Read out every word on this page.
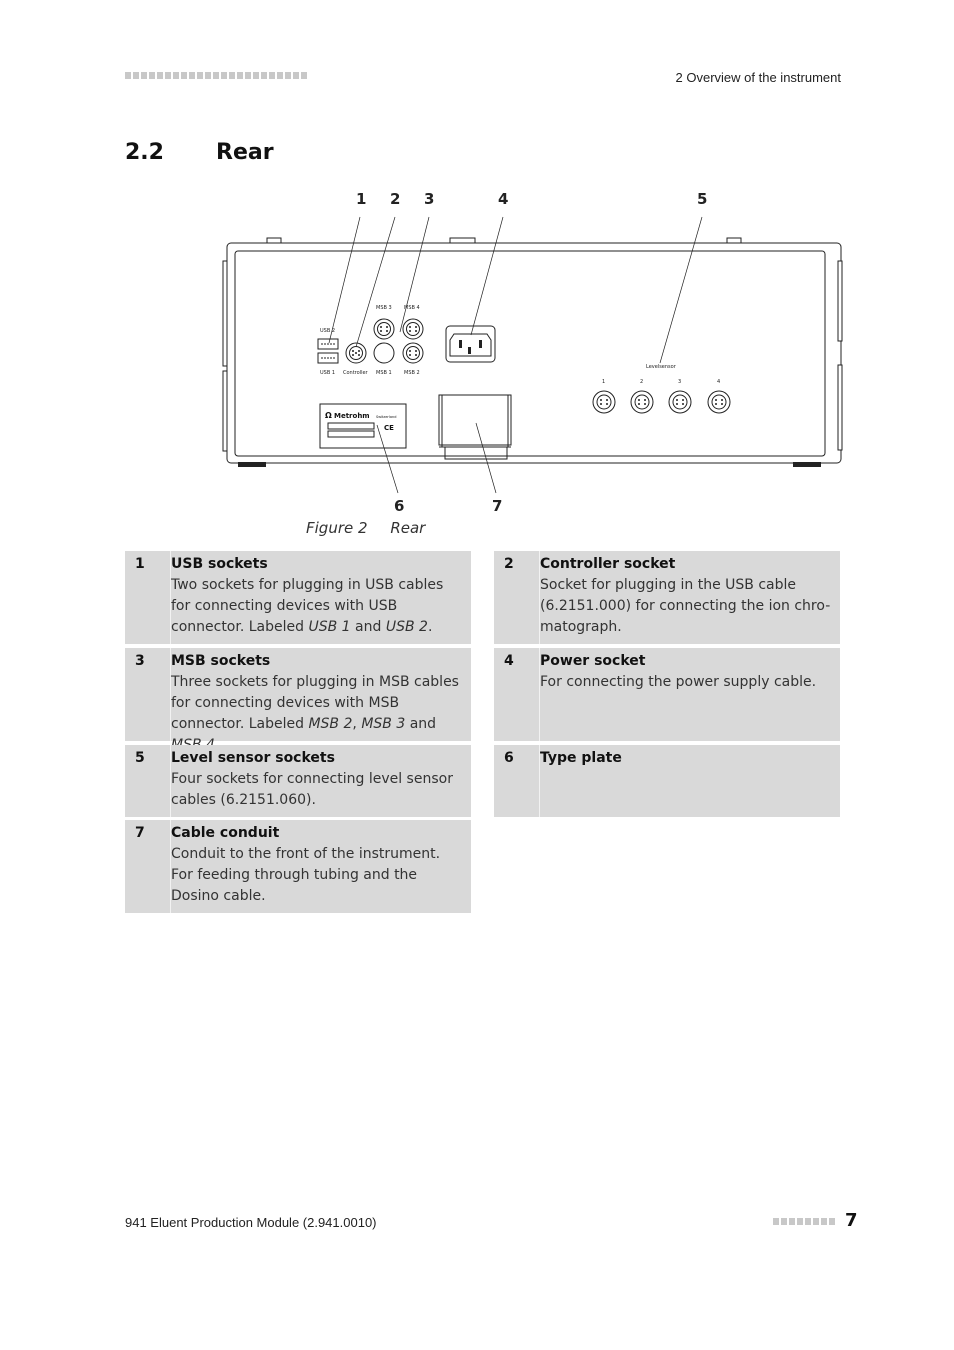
2 Overview of the instrument
2.2	Rear
USB 2
USB 1 Controller MSB 1 MSB 2
MSB 3 MSB 4
Levelsensor
1	2	3	4
Ω Metrohm Switzerland
CE
1 2 3	4	5
6	7
Figure 2 Rear
1	USB sockets
Two sockets for plugging in USB cables for connecting devices with USB connector. Labeled USB 1 and USB 2.
2	Controller socket
Socket for plugging in the USB cable (6.2151.000) for connecting the ion chro-matograph.
3	MSB sockets
Three sockets for plugging in MSB cables for connecting devices with MSB connector. Labeled MSB 2, MSB 3 and
4	Power socket
For connecting the power supply cable.
5	Level sensor sockets
Four sockets for connecting level sensor cables (6.2151.060).
6	Type plate
7	Cable conduit
Conduit to the front of the instrument. For feeding through tubing and the Dosino cable.
941 Eluent Production Module (2.941.0010)	7
